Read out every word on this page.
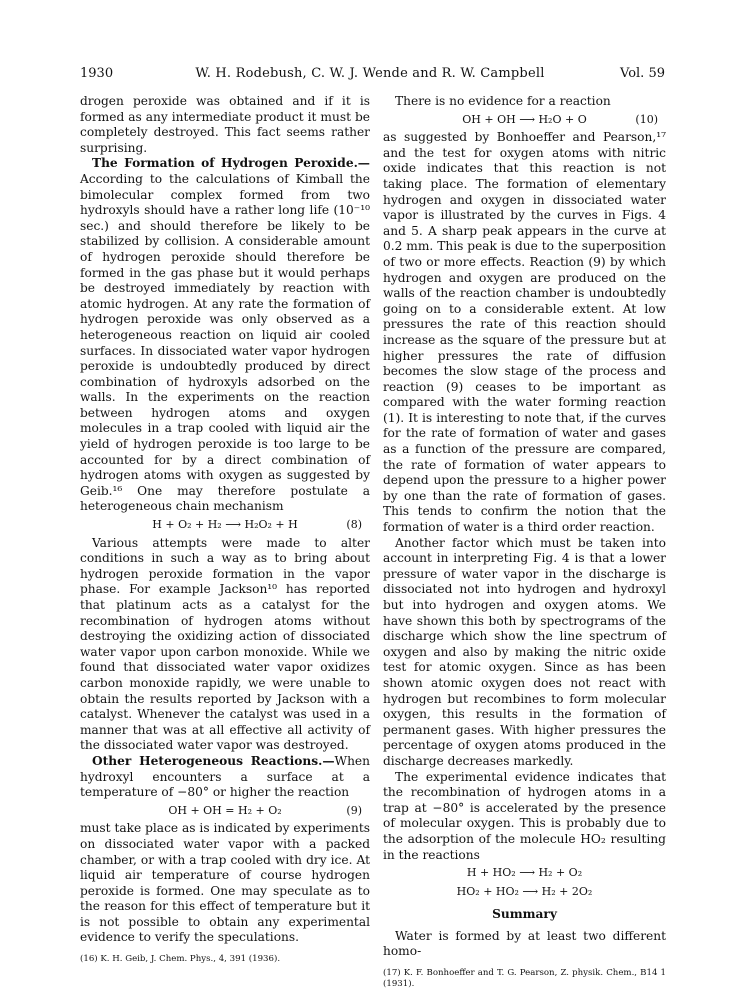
1930	W. H. Rodebush, C. W. J. Wende and R. W. Campbell	Vol. 59

drogen peroxide was obtained and if it is formed as any intermediate product it must be completely destroyed. This fact seems rather surprising.

The Formation of Hydrogen Peroxide.—According to the calculations of Kimball the bimolecular complex formed from two hydroxyls should have a rather long life (10⁻¹⁰ sec.) and should therefore be likely to be stabilized by collision. A considerable amount of hydrogen peroxide should therefore be formed in the gas phase but it would perhaps be destroyed immediately by reaction with atomic hydrogen. At any rate the formation of hydrogen peroxide was only observed as a heterogeneous reaction on liquid air cooled surfaces. In dissociated water vapor hydrogen peroxide is undoubtedly produced by direct combination of hydroxyls adsorbed on the walls. In the experiments on the reaction between hydrogen atoms and oxygen molecules in a trap cooled with liquid air the yield of hydrogen peroxide is too large to be accounted for by a direct combination of hydrogen atoms with oxygen as suggested by Geib.¹⁶ One may therefore postulate a heterogeneous chain mechanism

H + O₂ + H₂ ⟶ H₂O₂ + H	(8)

Various attempts were made to alter conditions in such a way as to bring about hydrogen peroxide formation in the vapor phase. For example Jackson¹⁰ has reported that platinum acts as a catalyst for the recombination of hydrogen atoms without destroying the oxidizing action of dissociated water vapor upon carbon monoxide. While we found that dissociated water vapor oxidizes carbon monoxide rapidly, we were unable to obtain the results reported by Jackson with a catalyst. Whenever the catalyst was used in a manner that was at all effective all activity of the dissociated water vapor was destroyed.

Other Heterogeneous Reactions.—When hydroxyl encounters a surface at a temperature of −80° or higher the reaction

OH + OH = H₂ + O₂	(9)

must take place as is indicated by experiments on dissociated water vapor with a packed chamber, or with a trap cooled with dry ice. At liquid air temperature of course hydrogen peroxide is formed. One may speculate as to the reason for this effect of temperature but it is not possible to obtain any experimental evidence to verify the speculations.

(16) K. H. Geib, J. Chem. Phys., 4, 391 (1936).

There is no evidence for a reaction

OH + OH ⟶ H₂O + O	(10)

as suggested by Bonhoeffer and Pearson,¹⁷ and the test for oxygen atoms with nitric oxide indicates that this reaction is not taking place. The formation of elementary hydrogen and oxygen in dissociated water vapor is illustrated by the curves in Figs. 4 and 5. A sharp peak appears in the curve at 0.2 mm. This peak is due to the superposition of two or more effects. Reaction (9) by which hydrogen and oxygen are produced on the walls of the reaction chamber is undoubtedly going on to a considerable extent. At low pressures the rate of this reaction should increase as the square of the pressure but at higher pressures the rate of diffusion becomes the slow stage of the process and reaction (9) ceases to be important as compared with the water forming reaction (1). It is interesting to note that, if the curves for the rate of formation of water and gases as a function of the pressure are compared, the rate of formation of water appears to depend upon the pressure to a higher power by one than the rate of formation of gases. This tends to confirm the notion that the formation of water is a third order reaction.

Another factor which must be taken into account in interpreting Fig. 4 is that a lower pressure of water vapor in the discharge is dissociated not into hydrogen and hydroxyl but into hydrogen and oxygen atoms. We have shown this both by spectrograms of the discharge which show the line spectrum of oxygen and also by making the nitric oxide test for atomic oxygen. Since as has been shown atomic oxygen does not react with hydrogen but recombines to form molecular oxygen, this results in the formation of permanent gases. With higher pressures the percentage of oxygen atoms produced in the discharge decreases markedly.

The experimental evidence indicates that the recombination of hydrogen atoms in a trap at −80° is accelerated by the presence of molecular oxygen. This is probably due to the adsorption of the molecule HO₂ resulting in the reactions

H + HO₂ ⟶ H₂ + O₂
HO₂ + HO₂ ⟶ H₂ + 2O₂
Summary

Water is formed by at least two different homo-

(17) K. F. Bonhoeffer and T. G. Pearson, Z. physik. Chem., B14 1 (1931).
